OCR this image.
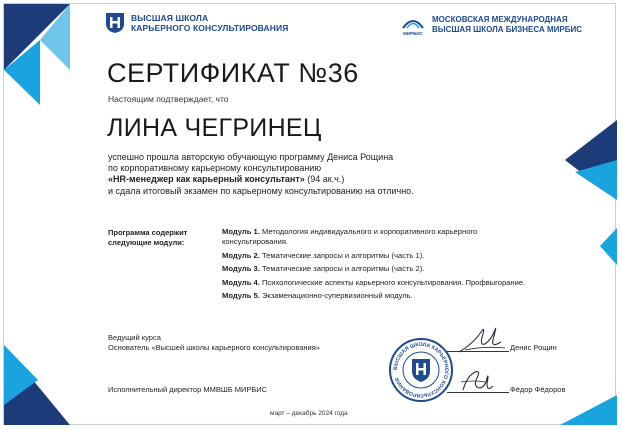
ВЫСШАЯ ШКОЛА
КАРЬЕРНОГО КОНСУЛЬТИРОВАНИЯ
МИРБИС
МОСКОВСКАЯ МЕЖДУНАРОДНАЯ
ВЫСШАЯ ШКОЛА БИЗНЕСА МИРБИС
СЕРТИФИКАТ №36
Настоящим подтверждает, что
ЛИНА ЧЕГРИНЕЦ
успешно прошла авторскую обучающую программу Дениса Рощина
по корпоративному карьерному консультированию
«HR-менеджер как карьерный консультант» (94 ак.ч.)
и сдала итоговый экзамен по карьерному консультированию на отлично.
Программа содержит
следующие модули:
Модуль 1. Методология индивидуального и корпоративного карьерного консультирования.
Модуль 2. Тематические запросы и алгоритмы (часть 1).
Модуль 3. Тематические запросы и алгоритмы (часть 2).
Модуль 4. Психологические аспекты карьерного консультирования. Профвыгорание.
Модуль 5. Экзаменационно-супервизионный модуль.
Ведущий курса
Основатель «Высшей школы карьерного консультирования»
ВЫСШАЯ ШКОЛА КАРЬЕРНОГО КОНСУЛЬТИРОВАНИЯ
Денис Рощин
Исполнительный директор ММВШБ МИРБИС	Фёдор Фёдоров
март – декабрь 2024 года
